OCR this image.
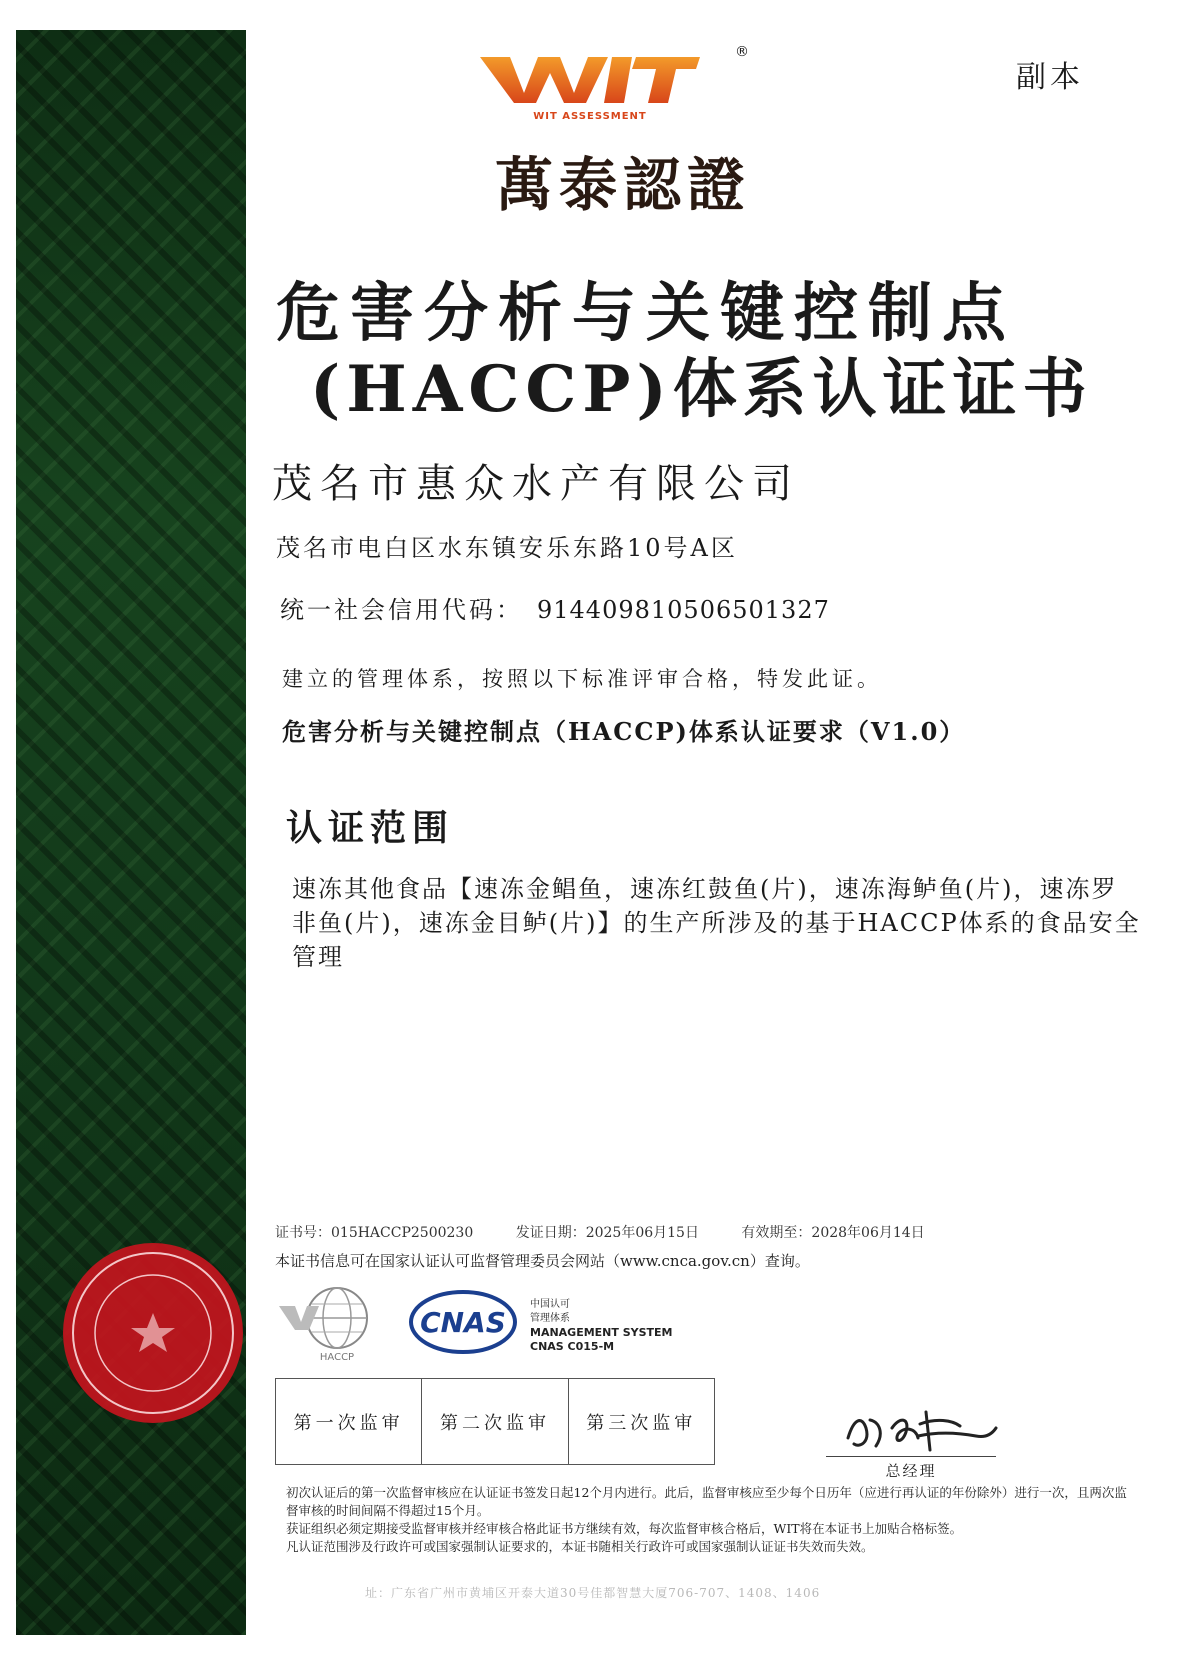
副本
WIT ASSESSMENT
®
萬泰認證
危害分析与关键控制点
(HACCP)体系认证证书
茂名市惠众水产有限公司
茂名市电白区水东镇安乐东路10号A区
统一社会信用代码： 914409810506501327
建立的管理体系，按照以下标准评审合格，特发此证。
危害分析与关键控制点（HACCP)体系认证要求（V1.0）
认证范围
速冻其他食品【速冻金鲳鱼，速冻红鼓鱼(片)，速冻海鲈鱼(片)，速冻罗非鱼(片)，速冻金目鲈(片)】的生产所涉及的基于HACCP体系的食品安全管理
证书号：015HACCP2500230	发证日期：2025年06月15日	有效期至：2028年06月14日
本证书信息可在国家认证认可监督管理委员会网站（www.cnca.gov.cn）查询。
HACCP
CNAS
中国认可
管理体系
MANAGEMENT SYSTEM
CNAS C015-M
第一次监审	第二次监审	第三次监审
总经理
初次认证后的第一次监督审核应在认证证书签发日起12个月内进行。此后，监督审核应至少每个日历年（应进行再认证的年份除外）进行一次，且两次监督审核的时间间隔不得超过15个月。
获证组织必须定期接受监督审核并经审核合格此证书方继续有效，每次监督审核合格后，WIT将在本证书上加贴合格标签。
凡认证范围涉及行政许可或国家强制认证要求的，本证书随相关行政许可或国家强制认证证书失效而失效。
址：广东省广州市黄埔区开泰大道30号佳都智慧大厦706-707、1408、1406
